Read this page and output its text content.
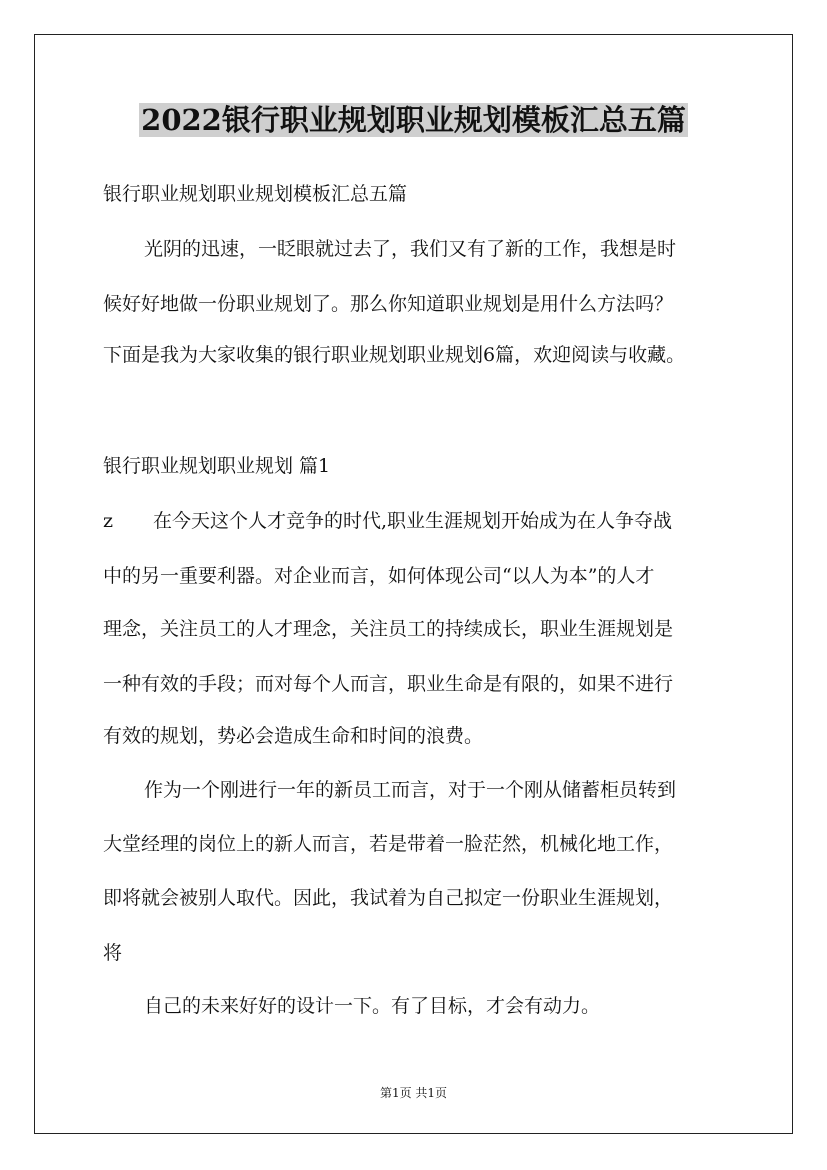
2022银行职业规划职业规划模板汇总五篇
银行职业规划职业规划模板汇总五篇
光阴的迅速，一眨眼就过去了，我们又有了新的工作，我想是时
候好好地做一份职业规划了。那么你知道职业规划是用什么方法吗？
下面是我为大家收集的银行职业规划职业规划6篇，欢迎阅读与收藏。
银行职业规划职业规划 篇1
z 在今天这个人才竞争的时代,职业生涯规划开始成为在人争夺战
中的另一重要利器。对企业而言，如何体现公司“以人为本”的人才
理念，关注员工的人才理念，关注员工的持续成长，职业生涯规划是
一种有效的手段；而对每个人而言，职业生命是有限的，如果不进行
有效的规划，势必会造成生命和时间的浪费。
作为一个刚进行一年的新员工而言，对于一个刚从储蓄柜员转到
大堂经理的岗位上的新人而言，若是带着一脸茫然，机械化地工作，
即将就会被别人取代。因此，我试着为自己拟定一份职业生涯规划，
将
自己的未来好好的设计一下。有了目标，才会有动力。
第1页 共1页
